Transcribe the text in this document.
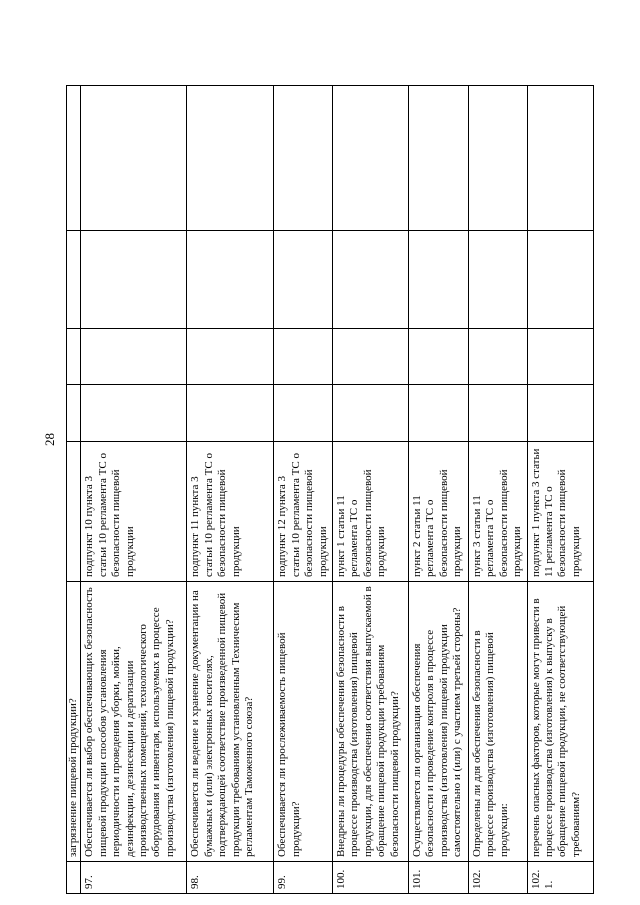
28
	загрязнение пищевой продукции?					
97.	Обеспечивается ли выбор обеспечивающих безопасность пищевой продукции способов установления периодичности и проведения уборки, мойки, дезинфекции, дезинсекции и дератизации производственных помещений, технологического оборудования и инвентаря, используемых в процессе производства (изготовления) пищевой продукции?	подпункт 10 пункта 3 статьи 10 регламента ТС о безопасности пищевой продукции				
98.	Обеспечивается ли ведение и хранение документации на бумажных и (или) электронных носителях, подтверждающей соответствие произведенной пищевой продукции требованиям установленным Техническим регламентам Таможенного союза?	подпункт 11 пункта 3 статьи 10 регламента ТС о безопасности пищевой продукции				
99.	Обеспечивается ли прослеживаемость пищевой продукции?	подпункт 12 пункта 3 статьи 10 регламента ТС о безопасности пищевой продукции				
100.	Внедрены ли процедуры обеспечения безопасности в процессе производства (изготовления) пищевой продукции, для обеспечения соответствия выпускаемой в обращение пищевой продукции требованиям безопасности пищевой продукции?	пункт 1 статьи 11 регламента ТС о безопасности пищевой продукции				
101.	Осуществляется ли организация обеспечения безопасности и проведение контроля в процессе производства (изготовления) пищевой продукции самостоятельно и (или) с участием третьей стороны?	пункт 2 статьи 11 регламента ТС о безопасности пищевой продукции				
102.	Определены ли для обеспечения безопасности в процессе производства (изготовления) пищевой продукции:	пункт 3 статьи 11 регламента ТС о безопасности пищевой продукции				
102.1.	перечень опасных факторов, которые могут привести в процессе производства (изготовления) к выпуску в обращение пищевой продукции, не соответствующей требованиям?	подпункт 1 пункта 3 статьи 11 регламента ТС о безопасности пищевой продукции				
